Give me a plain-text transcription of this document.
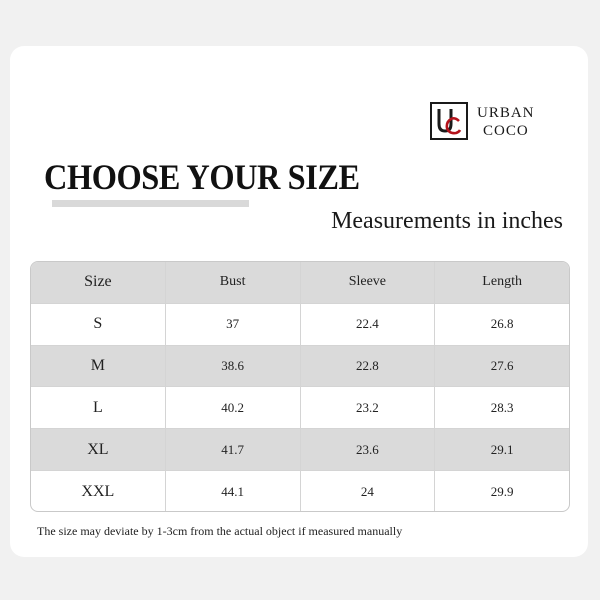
URBAN
COCO
CHOOSE YOUR SIZE
Measurements in inches
Size	Bust	Sleeve	Length
S	37	22.4	26.8
M	38.6	22.8	27.6
L	40.2	23.2	28.3
XL	41.7	23.6	29.1
XXL	44.1	24	29.9
The size may deviate by 1-3cm from the actual object if measured manually
